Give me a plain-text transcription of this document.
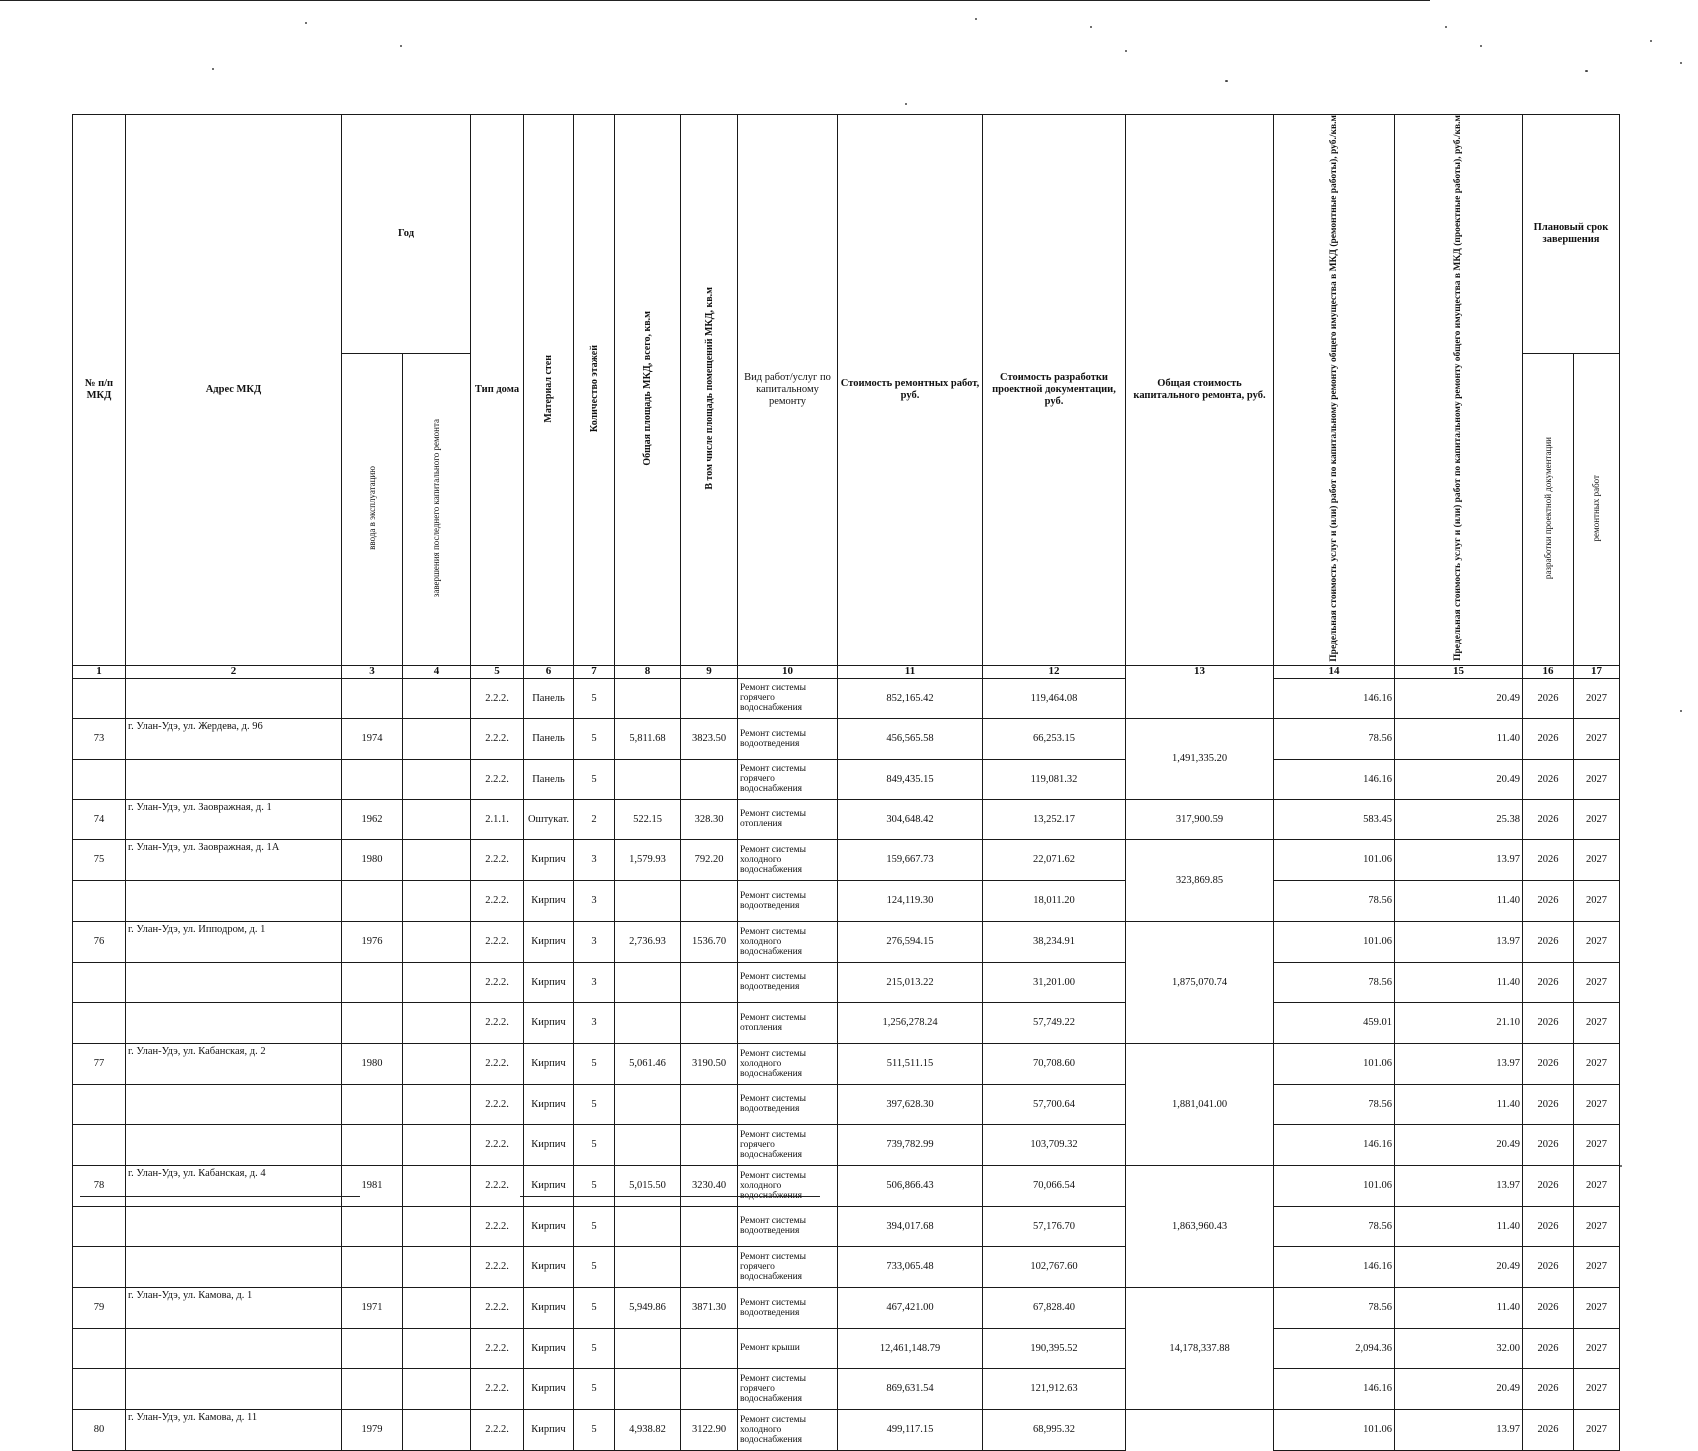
№ п/п МКД	Адрес МКД	Год		Тип дома	Материал стен	Количество этажей	Общая площадь МКД, всего, кв.м	В том числе площадь помещений МКД, кв.м	Вид работ/услуг по капитальному ремонту	Стоимость ремонтных работ, руб.	Стоимость разработки проектной документации, руб.	Общая стоимость капитального ремонта, руб.	Предельная стоимость услуг и (или) работ по капитальному ремонту общего имущества в МКД (ремонтные работы), руб./кв.м	Предельная стоимость услуг и (или) работ по капитальному ремонту общего имущества в МКД (проектные работы), руб./кв.м	Плановый срок завершения	
		ввода в эксплуатацию	завершения последнего капитального ремонта												разработки проектной документации	ремонтных работ
1	2	3	4	5	6	7	8	9	10	11	12	13	14	15	16	17
				2.2.2.	Панель	5			Ремонт системы горячего водоснабжения	852,165.42	119,464.08		146.16	20.49	2026	2027
73	г. Улан-Удэ, ул. Жердева, д. 96	1974		2.2.2.	Панель	5	5,811.68	3823.50	Ремонт системы водоотведения	456,565.58	66,253.15	1,491,335.20	78.56	11.40	2026	2027
				2.2.2.	Панель	5			Ремонт системы горячего водоснабжения	849,435.15	119,081.32		146.16	20.49	2026	2027
74	г. Улан-Удэ, ул. Заовражная, д. 1	1962		2.1.1.	Оштукат.	2	522.15	328.30	Ремонт системы отопления	304,648.42	13,252.17	317,900.59	583.45	25.38	2026	2027
75	г. Улан-Удэ, ул. Заовражная, д. 1А	1980		2.2.2.	Кирпич	3	1,579.93	792.20	Ремонт системы холодного водоснабжения	159,667.73	22,071.62	323,869.85	101.06	13.97	2026	2027
				2.2.2.	Кирпич	3			Ремонт системы водоотведения	124,119.30	18,011.20		78.56	11.40	2026	2027
76	г. Улан-Удэ, ул. Ипподром, д. 1	1976		2.2.2.	Кирпич	3	2,736.93	1536.70	Ремонт системы холодного водоснабжения	276,594.15	38,234.91	1,875,070.74	101.06	13.97	2026	2027
				2.2.2.	Кирпич	3			Ремонт системы водоотведения	215,013.22	31,201.00		78.56	11.40	2026	2027
				2.2.2.	Кирпич	3			Ремонт системы отопления	1,256,278.24	57,749.22		459.01	21.10	2026	2027
77	г. Улан-Удэ, ул. Кабанская, д. 2	1980		2.2.2.	Кирпич	5	5,061.46	3190.50	Ремонт системы холодного водоснабжения	511,511.15	70,708.60	1,881,041.00	101.06	13.97	2026	2027
				2.2.2.	Кирпич	5			Ремонт системы водоотведения	397,628.30	57,700.64		78.56	11.40	2026	2027
				2.2.2.	Кирпич	5			Ремонт системы горячего водоснабжения	739,782.99	103,709.32		146.16	20.49	2026	2027
78	г. Улан-Удэ, ул. Кабанская, д. 4	1981		2.2.2.	Кирпич	5	5,015.50	3230.40	Ремонт системы холодного водоснабжения	506,866.43	70,066.54	1,863,960.43	101.06	13.97	2026	2027
				2.2.2.	Кирпич	5			Ремонт системы водоотведения	394,017.68	57,176.70		78.56	11.40	2026	2027
				2.2.2.	Кирпич	5			Ремонт системы горячего водоснабжения	733,065.48	102,767.60		146.16	20.49	2026	2027
79	г. Улан-Удэ, ул. Камова, д. 1	1971		2.2.2.	Кирпич	5	5,949.86	3871.30	Ремонт системы водоотведения	467,421.00	67,828.40	14,178,337.88	78.56	11.40	2026	2027
				2.2.2.	Кирпич	5			Ремонт крыши	12,461,148.79	190,395.52		2,094.36	32.00	2026	2027
				2.2.2.	Кирпич	5			Ремонт системы горячего водоснабжения	869,631.54	121,912.63		146.16	20.49	2026	2027
80	г. Улан-Удэ, ул. Камова, д. 11	1979		2.2.2.	Кирпич	5	4,938.82	3122.90	Ремонт системы холодного водоснабжения	499,117.15	68,995.32		101.06	13.97	2026	2027
